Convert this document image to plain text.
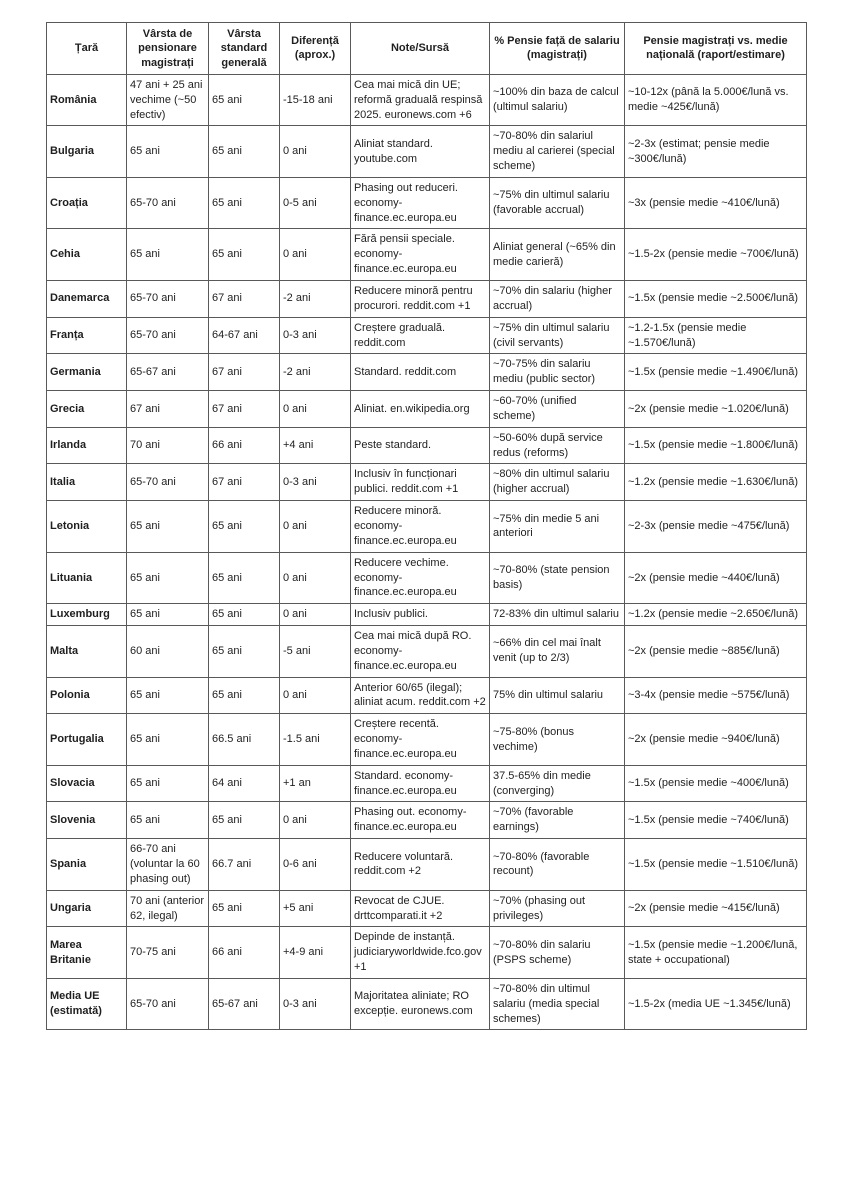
Țară	Vârsta de pensionare magistrați	Vârsta standard generală	Diferență (aprox.)	Note/Sursă	% Pensie față de salariu (magistrați)	Pensie magistrați vs. medie națională (raport/estimare)
România	47 ani + 25 ani vechime (~50 efectiv)	65 ani	-15-18 ani	Cea mai mică din UE; reformă graduală respinsă 2025. euronews.com +6	~100% din baza de calcul (ultimul salariu)	~10-12x (până la 5.000€/lună vs. medie ~425€/lună)
Bulgaria	65 ani	65 ani	0 ani	Aliniat standard. youtube.com	~70-80% din salariul mediu al carierei (special scheme)	~2-3x (estimat; pensie medie ~300€/lună)
Croația	65-70 ani	65 ani	0-5 ani	Phasing out reduceri. economy-finance.ec.europa.eu	~75% din ultimul salariu (favorable accrual)	~3x (pensie medie ~410€/lună)
Cehia	65 ani	65 ani	0 ani	Fără pensii speciale. economy-finance.ec.europa.eu	Aliniat general (~65% din medie carieră)	~1.5-2x (pensie medie ~700€/lună)
Danemarca	65-70 ani	67 ani	-2 ani	Reducere minoră pentru procurori. reddit.com +1	~70% din salariu (higher accrual)	~1.5x (pensie medie ~2.500€/lună)
Franța	65-70 ani	64-67 ani	0-3 ani	Creștere graduală. reddit.com	~75% din ultimul salariu (civil servants)	~1.2-1.5x (pensie medie ~1.570€/lună)
Germania	65-67 ani	67 ani	-2 ani	Standard. reddit.com	~70-75% din salariu mediu (public sector)	~1.5x (pensie medie ~1.490€/lună)
Grecia	67 ani	67 ani	0 ani	Aliniat. en.wikipedia.org	~60-70% (unified scheme)	~2x (pensie medie ~1.020€/lună)
Irlanda	70 ani	66 ani	+4 ani	Peste standard.	~50-60% după service redus (reforms)	~1.5x (pensie medie ~1.800€/lună)
Italia	65-70 ani	67 ani	0-3 ani	Inclusiv în funcționari publici. reddit.com +1	~80% din ultimul salariu (higher accrual)	~1.2x (pensie medie ~1.630€/lună)
Letonia	65 ani	65 ani	0 ani	Reducere minoră. economy-finance.ec.europa.eu	~75% din medie 5 ani anteriori	~2-3x (pensie medie ~475€/lună)
Lituania	65 ani	65 ani	0 ani	Reducere vechime. economy-finance.ec.europa.eu	~70-80% (state pension basis)	~2x (pensie medie ~440€/lună)
Luxemburg	65 ani	65 ani	0 ani	Inclusiv publici.	72-83% din ultimul salariu	~1.2x (pensie medie ~2.650€/lună)
Malta	60 ani	65 ani	-5 ani	Cea mai mică după RO. economy-finance.ec.europa.eu	~66% din cel mai înalt venit (up to 2/3)	~2x (pensie medie ~885€/lună)
Polonia	65 ani	65 ani	0 ani	Anterior 60/65 (ilegal); aliniat acum. reddit.com +2	75% din ultimul salariu	~3-4x (pensie medie ~575€/lună)
Portugalia	65 ani	66.5 ani	-1.5 ani	Creștere recentă. economy-finance.ec.europa.eu	~75-80% (bonus vechime)	~2x (pensie medie ~940€/lună)
Slovacia	65 ani	64 ani	+1 an	Standard. economy-finance.ec.europa.eu	37.5-65% din medie (converging)	~1.5x (pensie medie ~400€/lună)
Slovenia	65 ani	65 ani	0 ani	Phasing out. economy-finance.ec.europa.eu	~70% (favorable earnings)	~1.5x (pensie medie ~740€/lună)
Spania	66-70 ani (voluntar la 60 phasing out)	66.7 ani	0-6 ani	Reducere voluntară. reddit.com +2	~70-80% (favorable recount)	~1.5x (pensie medie ~1.510€/lună)
Ungaria	70 ani (anterior 62, ilegal)	65 ani	+5 ani	Revocat de CJUE. drttcomparati.it +2	~70% (phasing out privileges)	~2x (pensie medie ~415€/lună)
Marea Britanie	70-75 ani	66 ani	+4-9 ani	Depinde de instanță. judiciaryworldwide.fco.gov +1	~70-80% din salariu (PSPS scheme)	~1.5x (pensie medie ~1.200€/lună, state + occupational)
Media UE (estimată)	65-70 ani	65-67 ani	0-3 ani	Majoritatea aliniate; RO excepție. euronews.com	~70-80% din ultimul salariu (media special schemes)	~1.5-2x (media UE ~1.345€/lună)
